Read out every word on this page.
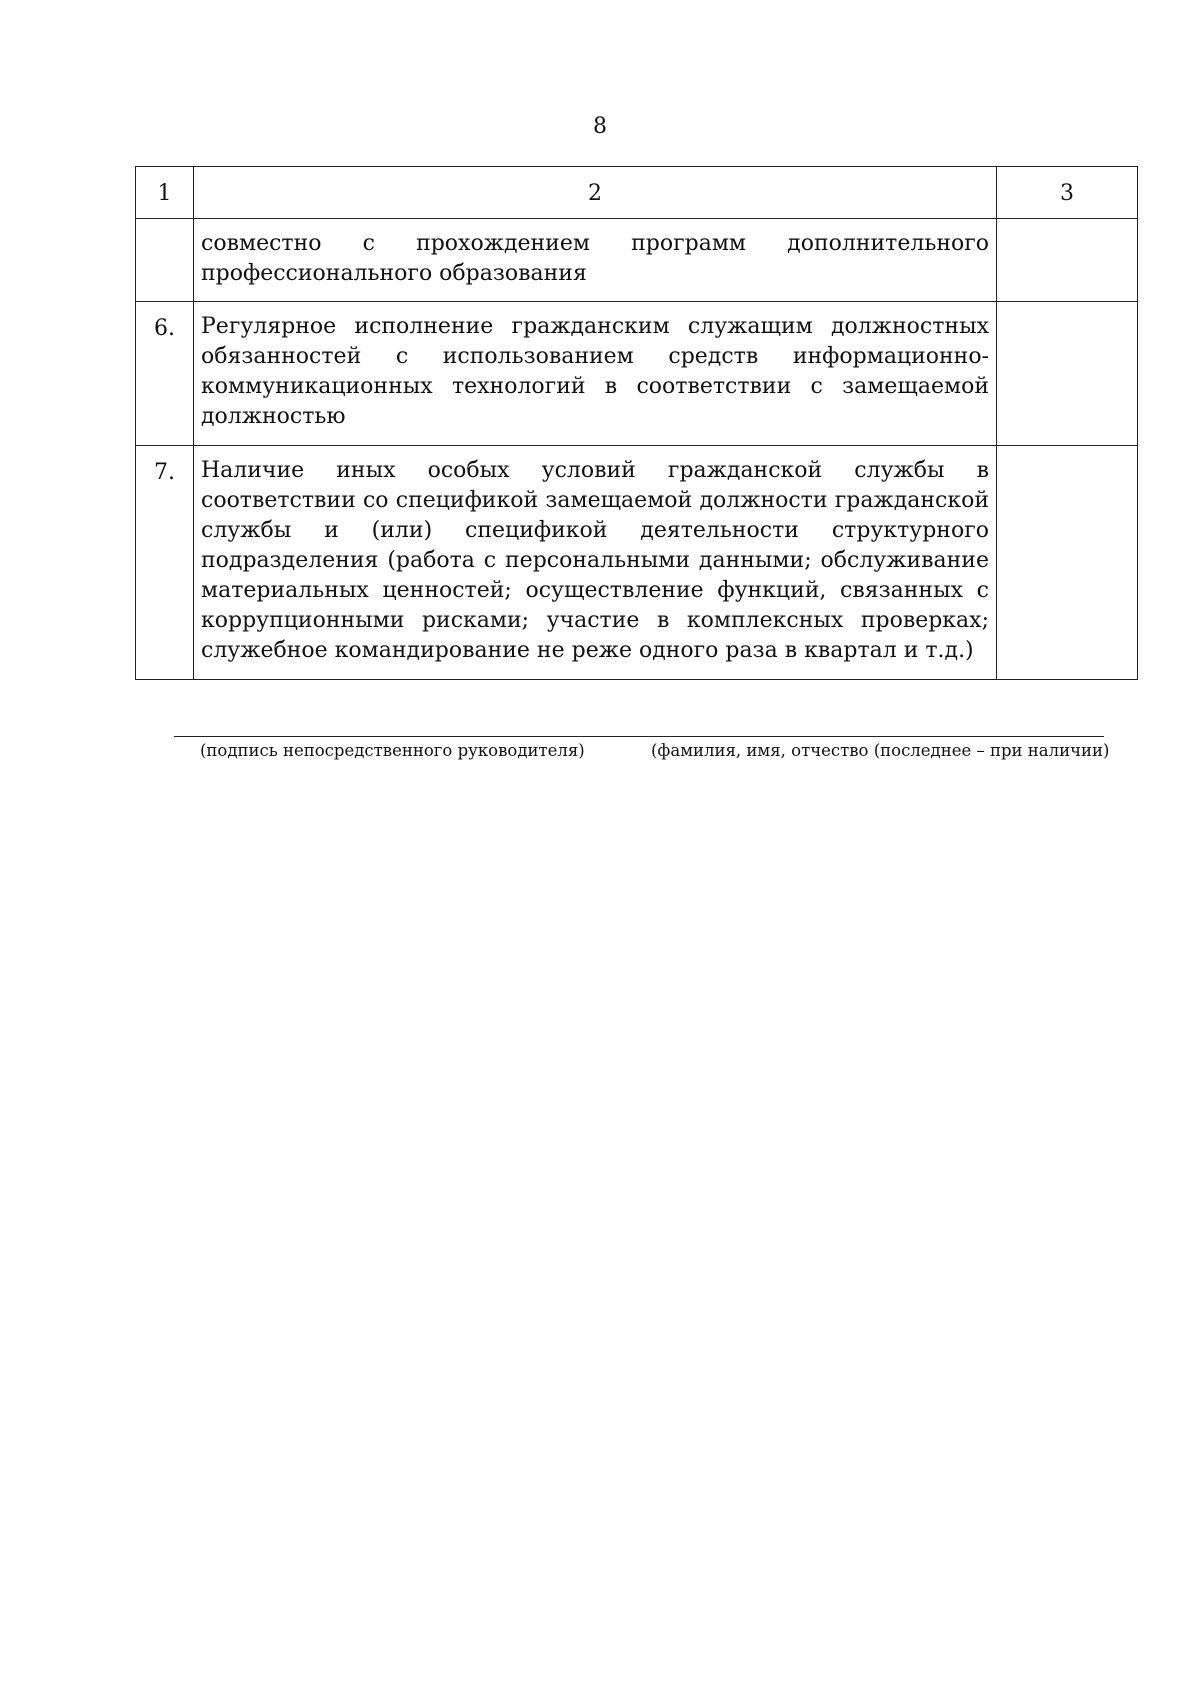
8
1	2	3
	совместно с прохождением программ дополнительного профессионального образования	
6.	Регулярное исполнение гражданским служащим должностных обязанностей с использованием средств информационно-коммуникационных технологий в соответствии с замещаемой должностью	
7.	Наличие иных особых условий гражданской службы в соответствии со спецификой замещаемой должности гражданской службы и (или) спецификой деятельности структурного подразделения (работа с персональными данными; обслуживание материальных ценностей; осуществление функций, связанных с коррупционными рисками; участие в комплексных проверках; служебное командирование не реже одного раза в квартал и т.д.)	
(подпись непосредственного руководителя)	(фамилия, имя, отчество (последнее – при наличии)
